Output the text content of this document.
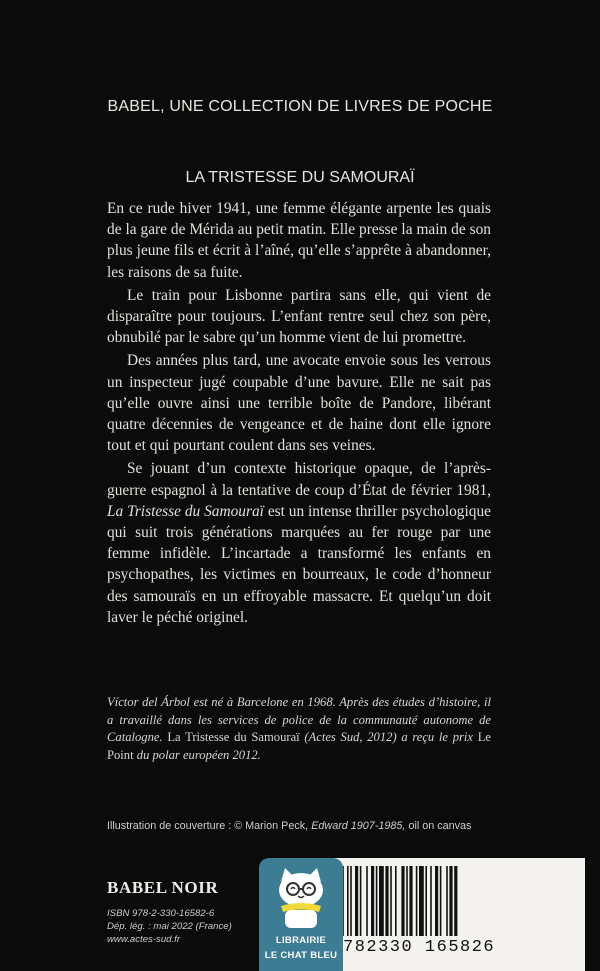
BABEL, UNE COLLECTION DE LIVRES DE POCHE
LA TRISTESSE DU SAMOURAÏ

En ce rude hiver 1941, une femme élégante arpente les quais de la gare de Mérida au petit matin. Elle presse la main de son plus jeune fils et écrit à l’aîné, qu’elle s’apprête à abandonner, les raisons de sa fuite.

Le train pour Lisbonne partira sans elle, qui vient de disparaître pour toujours. L’enfant rentre seul chez son père, obnubilé par le sabre qu’un homme vient de lui promettre.

Des années plus tard, une avocate envoie sous les verrous un inspecteur jugé coupable d’une bavure. Elle ne sait pas qu’elle ouvre ainsi une terrible boîte de Pandore, libérant quatre décennies de vengeance et de haine dont elle ignore tout et qui pourtant coulent dans ses veines.

Se jouant d’un contexte historique opaque, de l’après-guerre espagnol à la tentative de coup d’État de février 1981, La Tristesse du Samouraï est un intense thriller psychologique qui suit trois générations marquées au fer rouge par une femme infidèle. L’incartade a transformé les enfants en psychopathes, les victimes en bourreaux, le code d’honneur des samouraïs en un effroyable massacre. Et quelqu’un doit laver le péché originel.

Víctor del Árbol est né à Barcelone en 1968. Après des études d’histoire, il a travaillé dans les services de police de la communauté autonome de Catalogne. La Tristesse du Samouraï (Actes Sud, 2012) a reçu le prix Le Point du polar européen 2012.
Illustration de couverture : © Marion Peck, Edward 1907-1985, oil on canvas
BABEL NOIR
ISBN 978-2-330-16582-6
Dép. lég. : mai 2022 (France)
www.actes-sud.fr	782330 165826
LIBRAIRIE
LE CHAT BLEU
